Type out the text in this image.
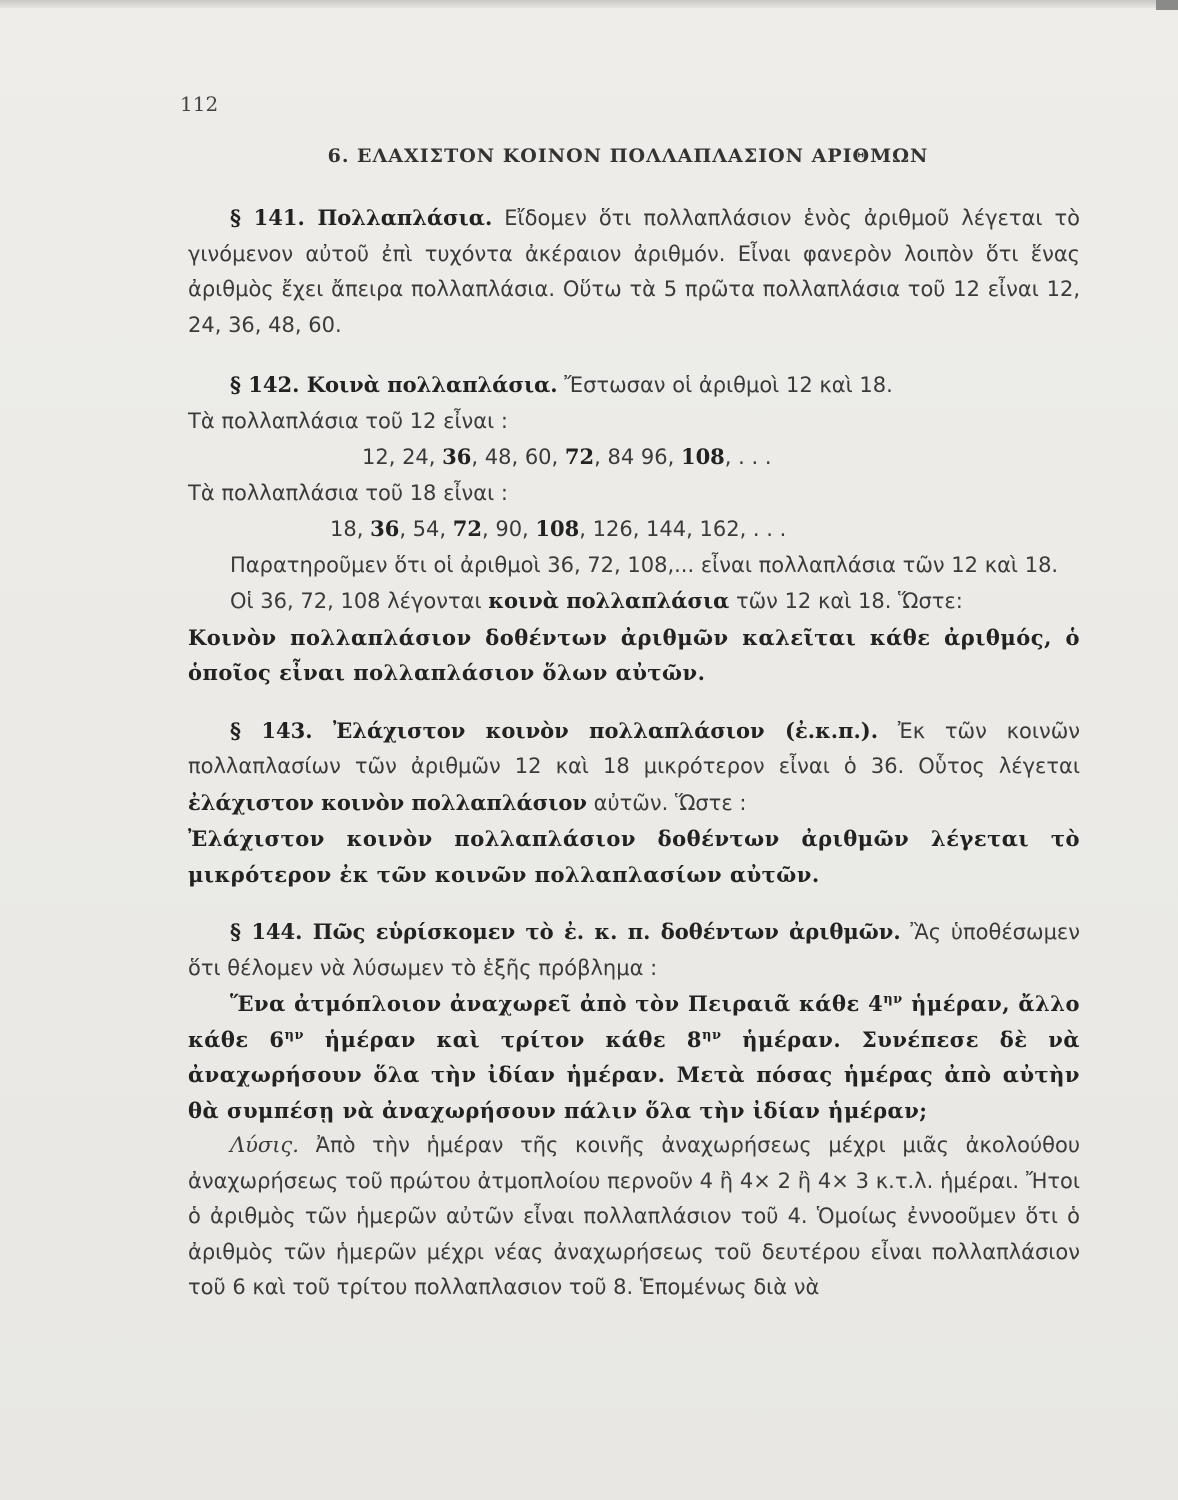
112
6. ΕΛΑΧΙΣΤΟΝ ΚΟΙΝΟΝ ΠΟΛΛΑΠΛΑΣΙΟΝ ΑΡΙΘΜΩΝ

§ 141. Πολλαπλάσια. Εἴδομεν ὅτι πολλαπλάσιον ἑνὸς ἀριθμοῦ λέγεται τὸ γινόμενον αὐτοῦ ἐπὶ τυχόντα ἀκέραιον ἀριθμόν. Εἶναι φανερὸν λοιπὸν ὅτι ἕνας ἀριθμὸς ἔχει ἄπειρα πολλαπλάσια. Οὕτω τὰ 5 πρῶτα πολλαπλάσια τοῦ 12 εἶναι 12, 24, 36, 48, 60.

§ 142. Κοινὰ πολλαπλάσια. Ἔστωσαν οἱ ἀριθμοὶ 12 καὶ 18.

Τὰ πολλαπλάσια τοῦ 12 εἶναι :

12, 24, 36, 48, 60, 72, 84 96, 108, . . .

Τὰ πολλαπλάσια τοῦ 18 εἶναι :

18, 36, 54, 72, 90, 108, 126, 144, 162, . . .

Παρατηροῦμεν ὅτι οἱ ἀριθμοὶ 36, 72, 108,... εἶναι πολλαπλάσια τῶν 12 καὶ 18.

Οἱ 36, 72, 108 λέγονται κοινὰ πολλαπλάσια τῶν 12 καὶ 18. Ὥστε:

Κοινὸν πολλαπλάσιον δοθέντων ἀριθμῶν καλεῖται κάθε ἀριθμός, ὁ ὁποῖος εἶναι πολλαπλάσιον ὅλων αὐτῶν.

§ 143. Ἐλάχιστον κοινὸν πολλαπλάσιον (ἐ.κ.π.). Ἐκ τῶν κοινῶν πολλαπλασίων τῶν ἀριθμῶν 12 καὶ 18 μικρότερον εἶναι ὁ 36. Οὗτος λέγεται ἐλάχιστον κοινὸν πολλαπλάσιον αὐτῶν. Ὥστε :

Ἐλάχιστον κοινὸν πολλαπλάσιον δοθέντων ἀριθμῶν λέγεται τὸ μικρότερον ἐκ τῶν κοινῶν πολλαπλασίων αὐτῶν.

§ 144. Πῶς εὑρίσκομεν τὸ ἐ. κ. π. δοθέντων ἀριθμῶν. Ἂς ὑποθέσωμεν ὅτι θέλομεν νὰ λύσωμεν τὸ ἑξῆς πρόβλημα :

Ἕνα ἀτμόπλοιον ἀναχωρεῖ ἀπὸ τὸν Πειραιᾶ κάθε $4^{\eta\nu}$ ἡμέραν, ἄλλο κάθε $6^{\eta\nu}$ ἡμέραν καὶ τρίτον κάθε $8^{\eta\nu}$ ἡμέραν. Συνέπεσε δὲ νὰ ἀναχωρήσουν ὅλα τὴν ἰδίαν ἡμέραν. Μετὰ πόσας ἡμέρας ἀπὸ αὐτὴν θὰ συμπέσῃ νὰ ἀναχωρήσουν πάλιν ὅλα τὴν ἰδίαν ἡμέραν;

Λύσις. Ἀπὸ τὴν ἡμέραν τῆς κοινῆς ἀναχωρήσεως μέχρι μιᾶς ἀκολούθου ἀναχωρήσεως τοῦ πρώτου ἀτμοπλοίου περνοῦν 4 ἢ 4× 2 ἢ 4× 3 κ.τ.λ. ἡμέραι. Ἤτοι ὁ ἀριθμὸς τῶν ἡμερῶν αὐτῶν εἶναι πολλαπλάσιον τοῦ 4. Ὁμοίως ἐννοοῦμεν ὅτι ὁ ἀριθμὸς τῶν ἡμερῶν μέχρι νέας ἀναχωρήσεως τοῦ δευτέρου εἶναι πολλαπλάσιον τοῦ 6 καὶ τοῦ τρίτου πολλαπλασιον τοῦ 8. Ἑπομένως διὰ νὰ
